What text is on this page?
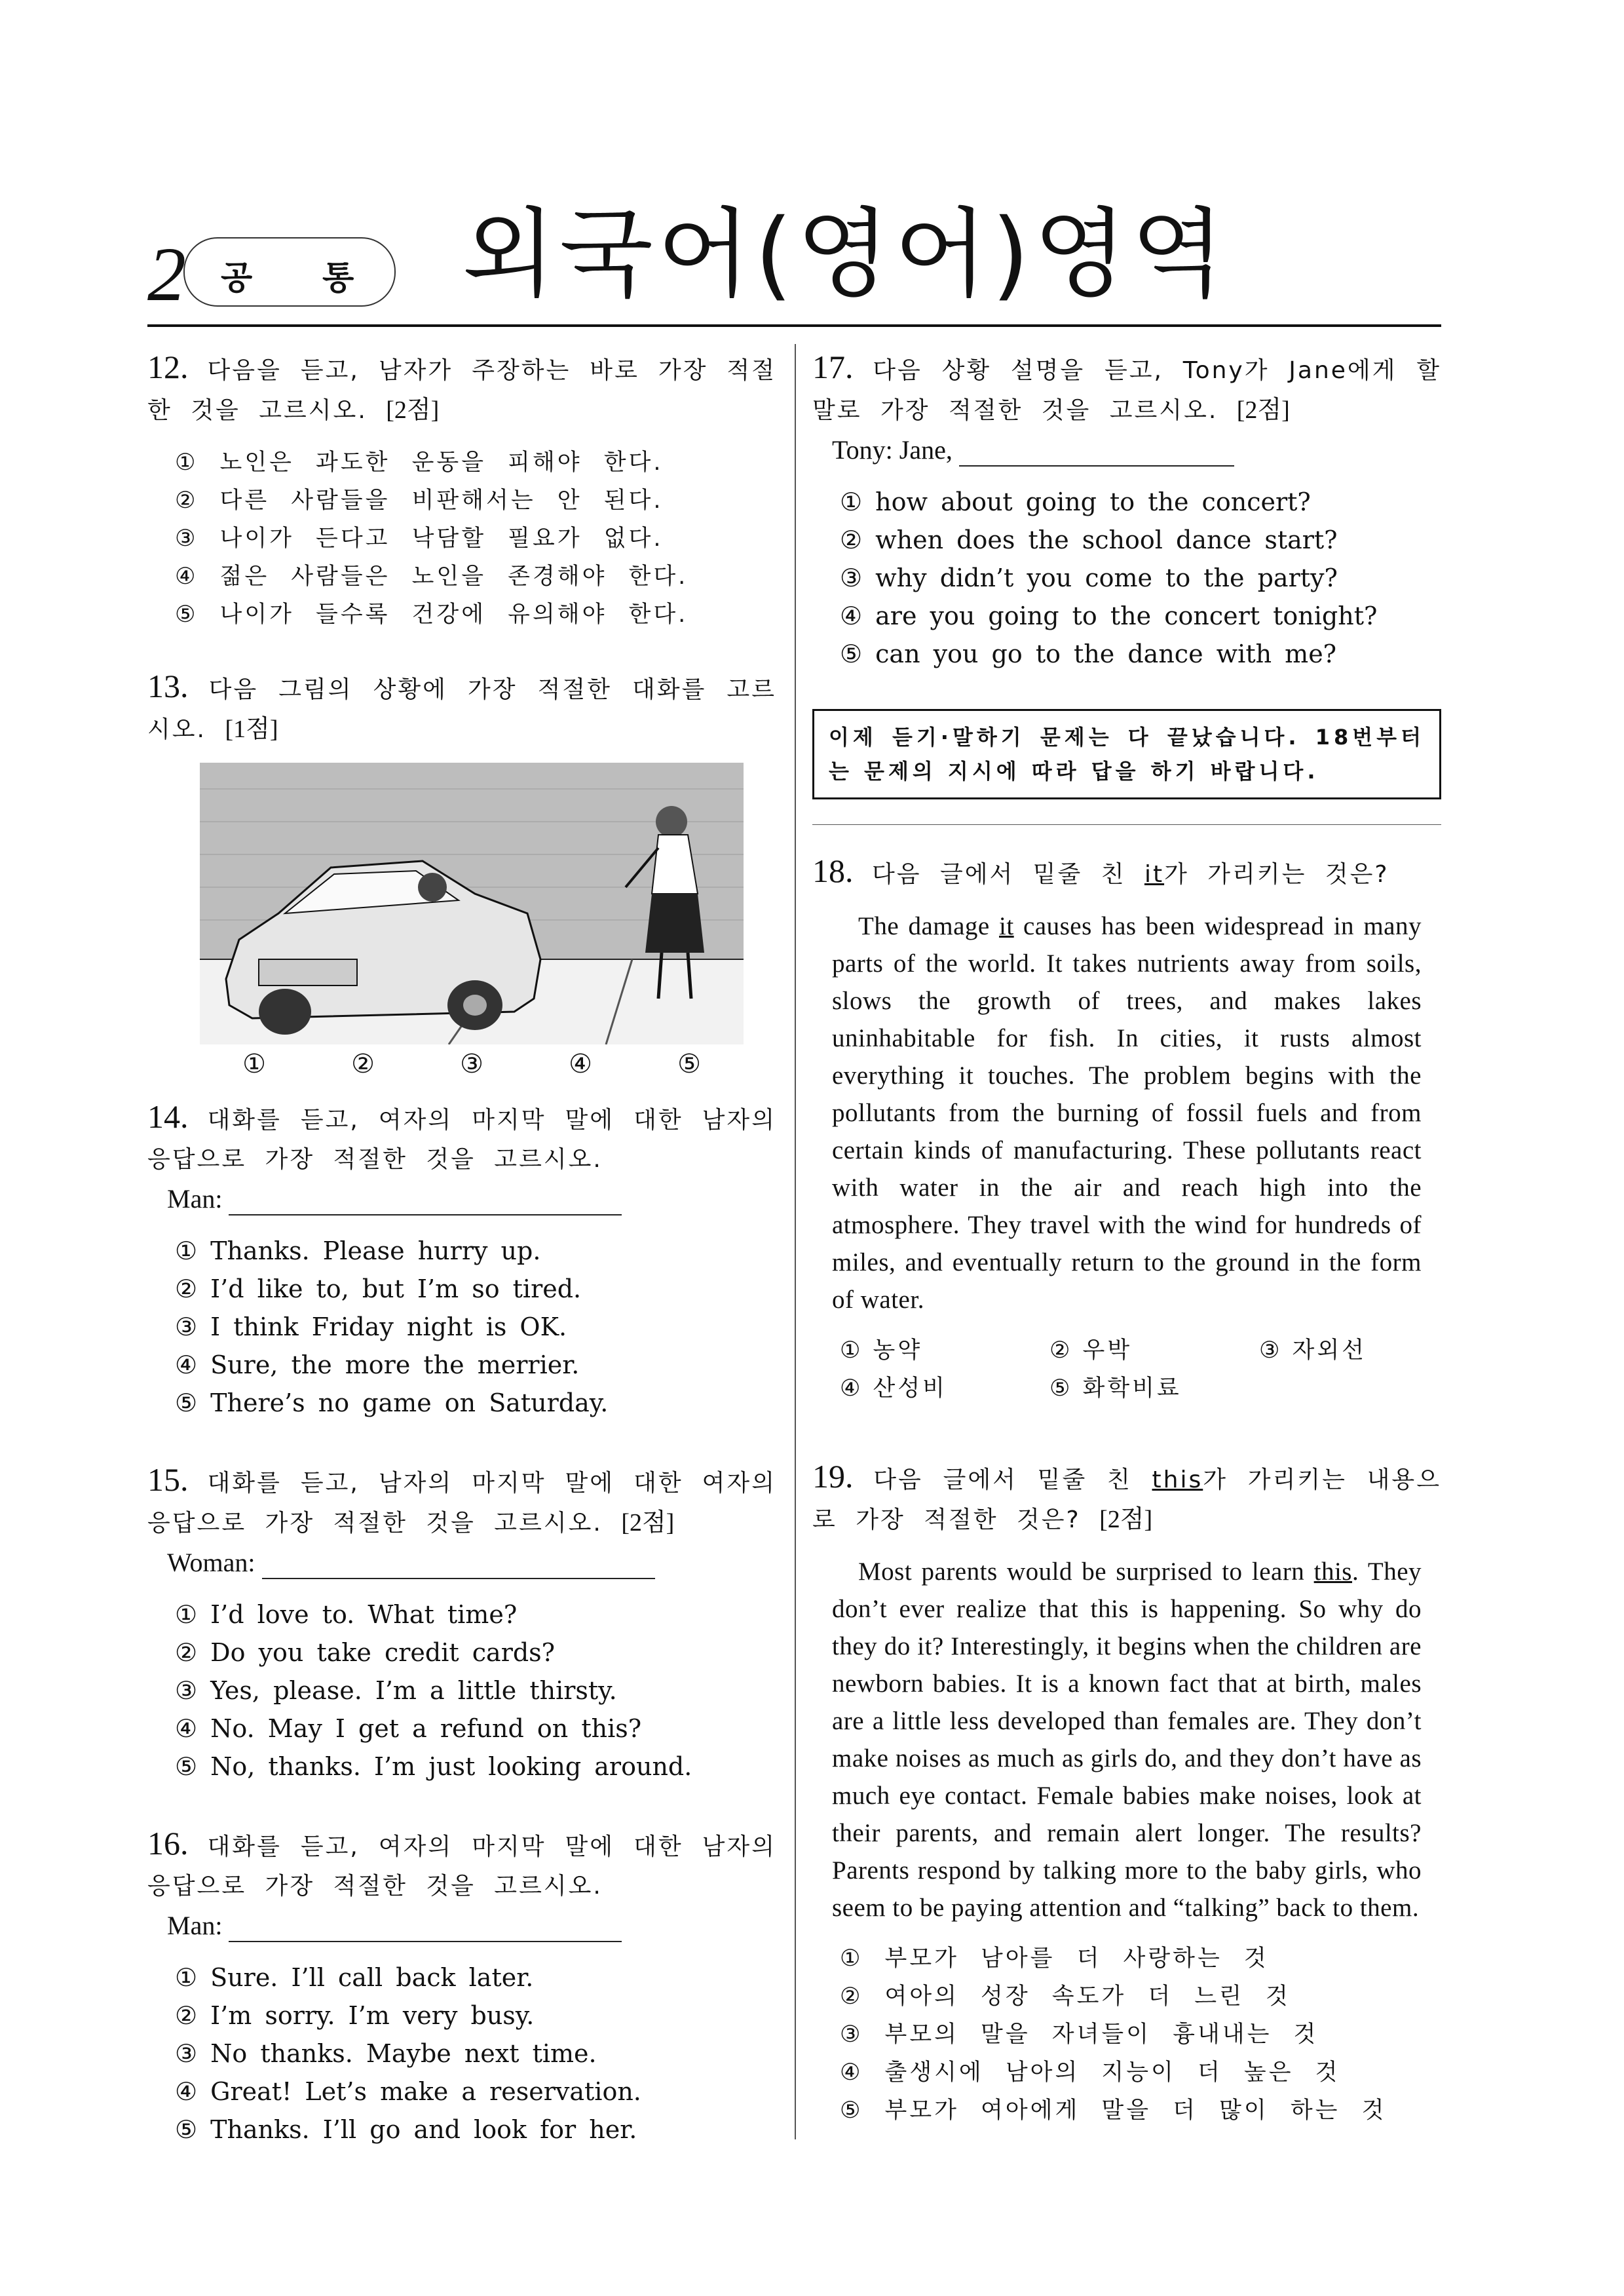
2 공 통 외국어(영어)영역
12. 다음을 듣고, 남자가 주장하는 바로 가장 적절한 것을 고르시오. [2점]
① 노인은 과도한 운동을 피해야 한다.
② 다른 사람들을 비판해서는 안 된다.
③ 나이가 든다고 낙담할 필요가 없다.
④ 젊은 사람들은 노인을 존경해야 한다.
⑤ 나이가 들수록 건강에 유의해야 한다.
13. 다음 그림의 상황에 가장 적절한 대화를 고르시오. [1점]
①	②	③	④	⑤
14. 대화를 듣고, 여자의 마지막 말에 대한 남자의 응답으로 가장 적절한 것을 고르시오.
Man:
① Thanks. Please hurry up.
② I’d like to, but I’m so tired.
③ I think Friday night is OK.
④ Sure, the more the merrier.
⑤ There’s no game on Saturday.
15. 대화를 듣고, 남자의 마지막 말에 대한 여자의 응답으로 가장 적절한 것을 고르시오. [2점]
Woman:
① I’d love to. What time?
② Do you take credit cards?
③ Yes, please. I’m a little thirsty.
④ No. May I get a refund on this?
⑤ No, thanks. I’m just looking around.
16. 대화를 듣고, 여자의 마지막 말에 대한 남자의 응답으로 가장 적절한 것을 고르시오.
Man:
① Sure. I’ll call back later.
② I’m sorry. I’m very busy.
③ No thanks. Maybe next time.
④ Great! Let’s make a reservation.
⑤ Thanks. I’ll go and look for her.
17. 다음 상황 설명을 듣고, Tony가 Jane에게 할 말로 가장 적절한 것을 고르시오. [2점]
Tony: Jane,
① how about going to the concert?
② when does the school dance start?
③ why didn’t you come to the party?
④ are you going to the concert tonight?
⑤ can you go to the dance with me?
이제 듣기·말하기 문제는 다 끝났습니다. 18번부터는 문제의 지시에 따라 답을 하기 바랍니다.
18. 다음 글에서 밑줄 친 it가 가리키는 것은?
The damage it causes has been widespread in many parts of the world. It takes nutrients away from soils, slows the growth of trees, and makes lakes uninhabitable for fish. In cities, it rusts almost everything it touches. The problem begins with the pollutants from the burning of fossil fuels and from certain kinds of manufacturing. These pollutants react with water in the air and reach high into the atmosphere. They travel with the wind for hundreds of miles, and eventually return to the ground in the form of water.
① 농약	② 우박	③ 자외선
④ 산성비	⑤ 화학비료
19. 다음 글에서 밑줄 친 this가 가리키는 내용으로 가장 적절한 것은? [2점]
Most parents would be surprised to learn this. They don’t ever realize that this is happening. So why do they do it? Interestingly, it begins when the children are newborn babies. It is a known fact that at birth, males are a little less developed than females are. They don’t make noises as much as girls do, and they don’t have as much eye contact. Female babies make noises, look at their parents, and remain alert longer. The results? Parents respond by talking more to the baby girls, who seem to be paying attention and “talking” back to them.
① 부모가 남아를 더 사랑하는 것
② 여아의 성장 속도가 더 느린 것
③ 부모의 말을 자녀들이 흉내내는 것
④ 출생시에 남아의 지능이 더 높은 것
⑤ 부모가 여아에게 말을 더 많이 하는 것
